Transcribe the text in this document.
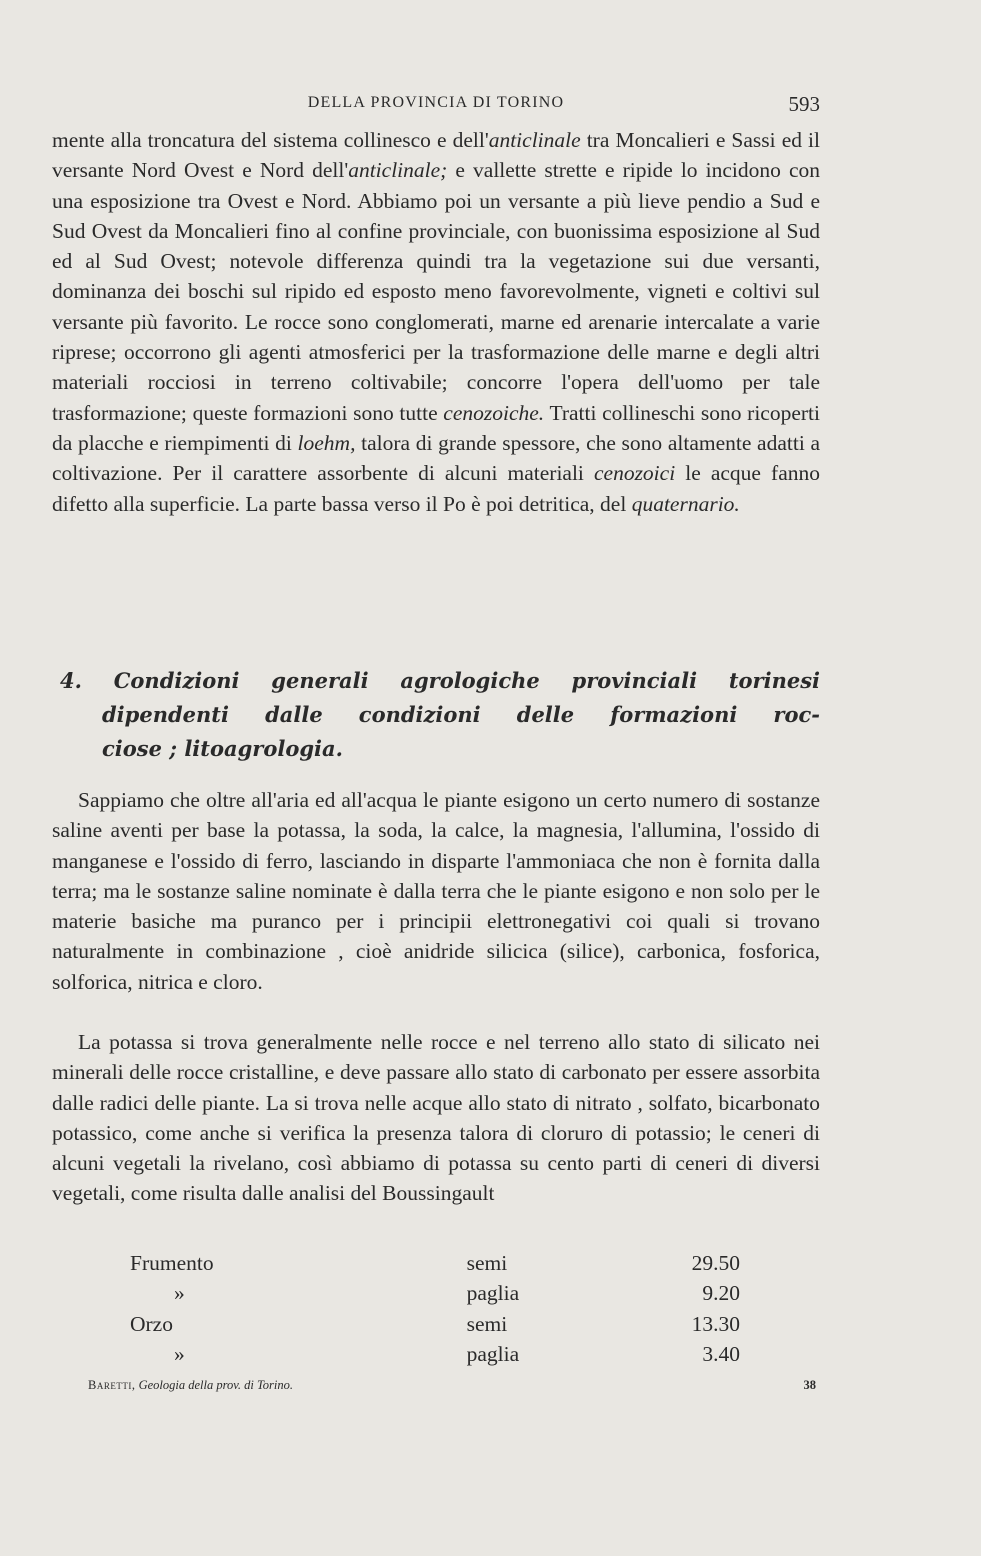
DELLA PROVINCIA DI TORINO	593

mente alla troncatura del sistema collinesco e dell'anticlinale tra Moncalieri e Sassi ed il versante Nord Ovest e Nord dell'anticlinale; e vallette strette e ripide lo incidono con una esposizione tra Ovest e Nord. Abbiamo poi un versante a più lieve pendio a Sud e Sud Ovest da Moncalieri fino al confine provinciale, con buonissima esposizione al Sud ed al Sud Ovest; notevole differenza quindi tra la vegetazione sui due versanti, dominanza dei boschi sul ripido ed esposto meno favorevolmente, vigneti e coltivi sul versante più favorito. Le rocce sono conglomerati, marne ed arenarie intercalate a varie riprese; occorrono gli agenti atmosferici per la trasformazione delle marne e degli altri materiali rocciosi in terreno coltivabile; concorre l'opera dell'uomo per tale trasformazione; queste formazioni sono tutte cenozoiche. Tratti collineschi sono ricoperti da placche e riempimenti di loehm, talora di grande spessore, che sono altamente adatti a coltivazione. Per il carattere assorbente di alcuni materiali cenozoici le acque fanno difetto alla superficie. La parte bassa verso il Po è poi detritica, del quaternario.

4. Condizioni generali agrologiche provinciali torinesi
dipendenti dalle condizioni delle formazioni roc-
ciose ; litoagrologia.

Sappiamo che oltre all'aria ed all'acqua le piante esigono un certo numero di sostanze saline aventi per base la potassa, la soda, la calce, la magnesia, l'allumina, l'ossido di manganese e l'ossido di ferro, lasciando in disparte l'ammoniaca che non è fornita dalla terra; ma le sostanze saline nominate è dalla terra che le piante esigono e non solo per le materie basiche ma puranco per i principii elettronegativi coi quali si trovano naturalmente in combinazione , cioè anidride silicica (silice), carbonica, fosforica, solforica, nitrica e cloro.

La potassa si trova generalmente nelle rocce e nel terreno allo stato di silicato nei minerali delle rocce cristalline, e deve passare allo stato di carbonato per essere assorbita dalle radici delle piante. La si trova nelle acque allo stato di nitrato , solfato, bicarbonato potassico, come anche si verifica la presenza talora di cloruro di potassio; le ceneri di alcuni vegetali la rivelano, così abbiamo di potassa su cento parti di ceneri di diversi vegetali, come risulta dalle analisi del Boussingault

Frumento	semi	29.50
»	paglia	9.20
Orzo	semi	13.30
»	paglia	3.40
Baretti, Geologia della prov. di Torino.	38
